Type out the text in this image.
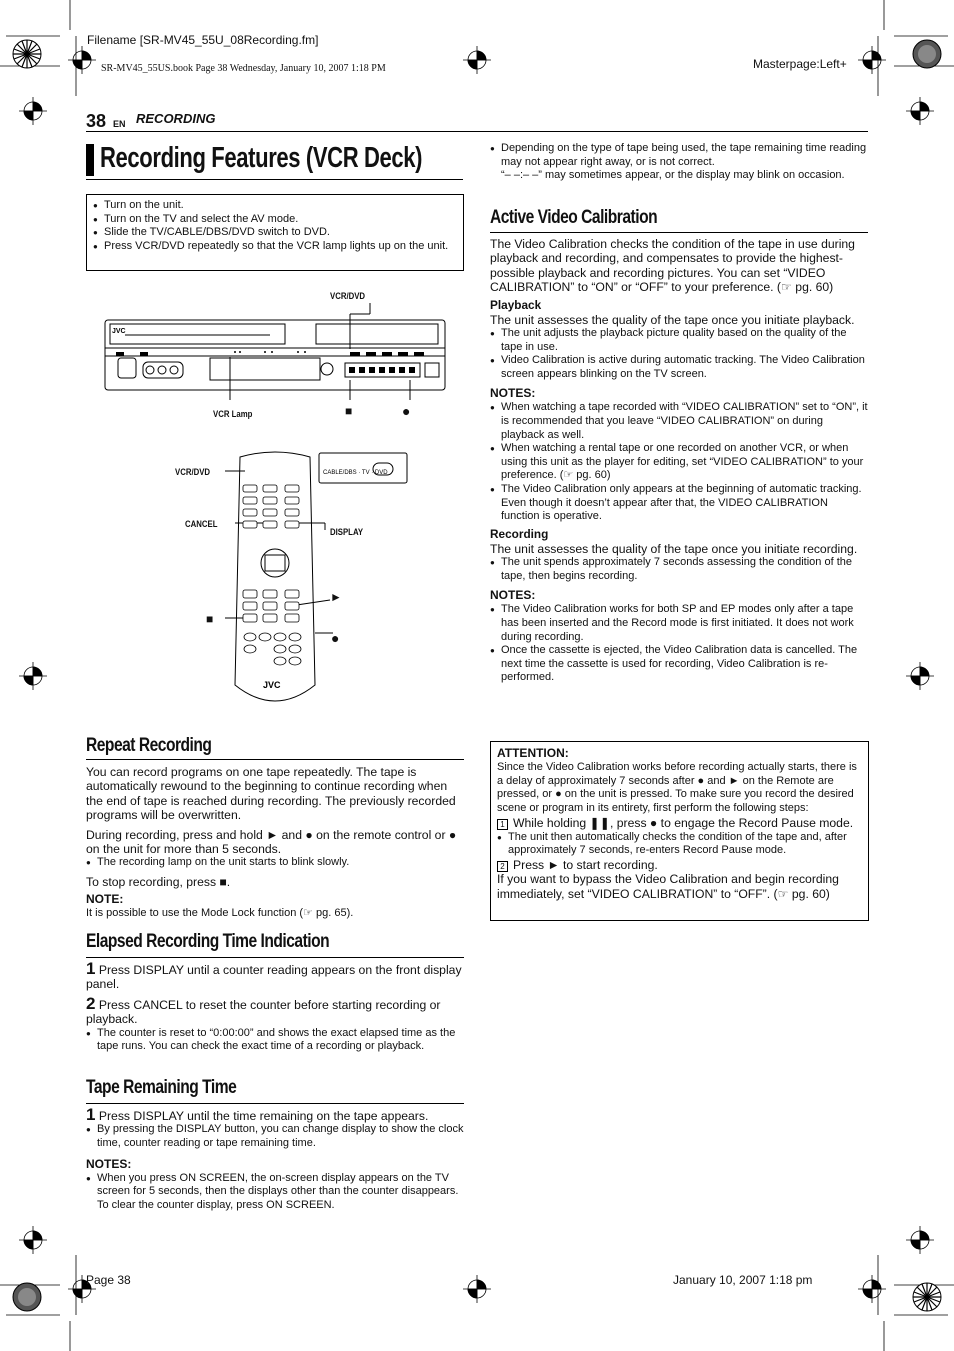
Filename [SR-MV45_55U_08Recording.fm]
SR-MV45_55US.book Page 38 Wednesday, January 10, 2007 1:18 PM	Masterpage:Left+
38 EN RECORDING
Recording Features (VCR Deck)
● Turn on the unit.
● Turn on the TV and select the AV mode.
● Slide the TV/CABLE/DBS/DVD switch to DVD.
● Press VCR/DVD repeatedly so that the VCR lamp lights up on the unit.
VCR/DVD
JVC
VCR Lamp	■	●
VCR/DVD
CANCEL
DISPLAY
►
■
●
CABLE/DBS · TV · DVD
JVC
Repeat Recording
You can record programs on one tape repeatedly. The tape is automatically rewound to the beginning to continue recording when the end of tape is reached during recording. The previously recorded programs will be overwritten.
During recording, press and hold ► and ● on the remote control or ● on the unit for more than 5 seconds.
● The recording lamp on the unit starts to blink slowly.
To stop recording, press ■.
NOTE:
It is possible to use the Mode Lock function (☞ pg. 65).
Elapsed Recording Time Indication
1 Press DISPLAY until a counter reading appears on the front display panel.
2 Press CANCEL to reset the counter before starting recording or playback.
● The counter is reset to “0:00:00” and shows the exact elapsed time as the tape runs. You can check the exact time of a recording or playback.
Tape Remaining Time
1 Press DISPLAY until the time remaining on the tape appears.
● By pressing the DISPLAY button, you can change display to show the clock time, counter reading or tape remaining time.
NOTES:
● When you press ON SCREEN, the on-screen display appears on the TV screen for 5 seconds, then the displays other than the counter disappears. To clear the counter display, press ON SCREEN.
● Depending on the type of tape being used, the tape remaining time reading may not appear right away, or is not correct.
“– –:– –” may sometimes appear, or the display may blink on occasion.
Active Video Calibration
The Video Calibration checks the condition of the tape in use during playback and recording, and compensates to provide the highest-possible playback and recording pictures. You can set “VIDEO CALIBRATION” to “ON” or “OFF” to your preference. (☞ pg. 60)
Playback
The unit assesses the quality of the tape once you initiate playback.
● The unit adjusts the playback picture quality based on the quality of the tape in use.
● Video Calibration is active during automatic tracking. The Video Calibration screen appears blinking on the TV screen.
NOTES:
● When watching a tape recorded with “VIDEO CALIBRATION” set to “ON”, it is recommended that you leave “VIDEO CALIBRATION” on during playback as well.
● When watching a rental tape or one recorded on another VCR, or when using this unit as the player for editing, set “VIDEO CALIBRATION” to your preference. (☞ pg. 60)
● The Video Calibration only appears at the beginning of automatic tracking. Even though it doesn’t appear after that, the VIDEO CALIBRATION function is operative.
Recording
The unit assesses the quality of the tape once you initiate recording.
● The unit spends approximately 7 seconds assessing the condition of the tape, then begins recording.
NOTES:
● The Video Calibration works for both SP and EP modes only after a tape has been inserted and the Record mode is first initiated. It does not work during recording.
● Once the cassette is ejected, the Video Calibration data is cancelled. The next time the cassette is used for recording, Video Calibration is re-performed.
ATTENTION:
Since the Video Calibration works before recording actually starts, there is a delay of approximately 7 seconds after ● and ► on the Remote are pressed, or ● on the unit is pressed. To make sure you record the desired scene or program in its entirety, first perform the following steps:
1 While holding ❚❚, press ● to engage the Record Pause mode.
● The unit then automatically checks the condition of the tape and, after approximately 7 seconds, re-enters Record Pause mode.
2 Press ► to start recording.
If you want to bypass the Video Calibration and begin recording immediately, set “VIDEO CALIBRATION” to “OFF”. (☞ pg. 60)
Page 38	January 10, 2007 1:18 pm
